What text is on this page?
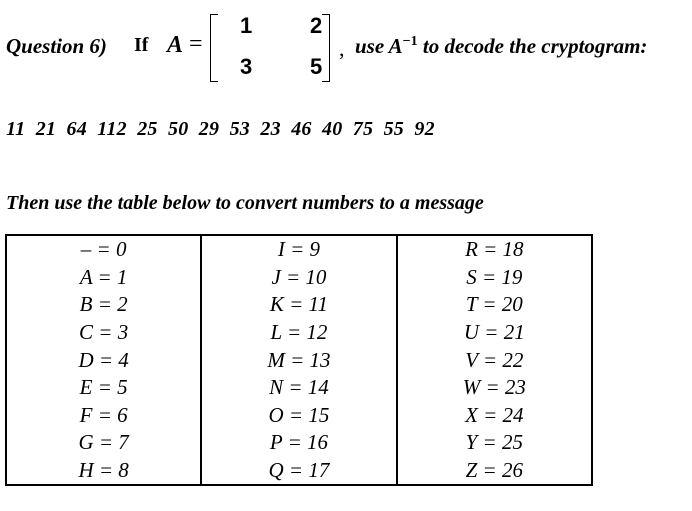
Question 6) If A =
1	2
3	5
, use $A^{-1}$ to decode the cryptogram:
11  21  64  112  25  50  29  53  23  46  40  75  55  92
Then use the table below to convert numbers to a message
– = 0	I = 9	R = 18
A = 1	J = 10	S = 19
B = 2	K = 11	T = 20
C = 3	L = 12	U = 21
D = 4	M = 13	V = 22
E = 5	N = 14	W = 23
F = 6	O = 15	X = 24
G = 7	P = 16	Y = 25
H = 8	Q = 17	Z = 26
